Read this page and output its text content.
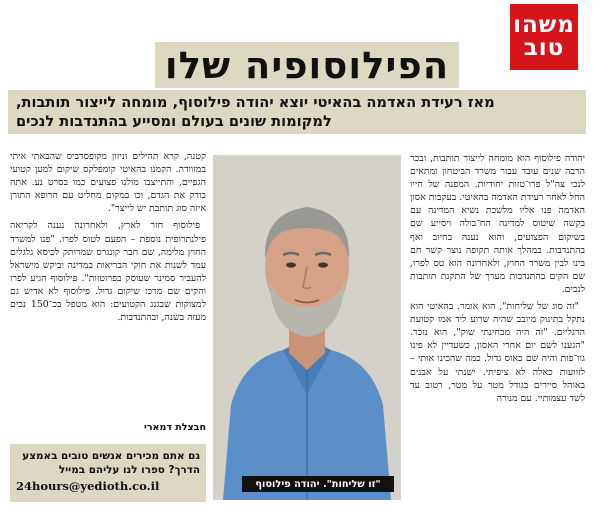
משהו
טוב
הפילוסופיה שלו
מאז רעידת האדמה בהאיטי יוצא יהודה פילוסוף, מומחה לייצור תותבות,
למקומות שונים בעולם ומסייע בהתנדבות לנכים

יהודה פילוסוף הוא מומחה לייצור תותבות, ובכר הרבה שנים עובד עבור משרד הביטחון ומתאים לנכי צה"ל פרו־טזות יחודיות. המפנה של חייו החל לאחר רעידת האדמה בהאיטי. בעקבות אסון האדמה פנו אליו מלשכת נשיא המדינה עם בקשה שיטוס למדינה הח־בולה ויסייע שם בשיקום הפצועים, והוא נענה בחיוב ואף בהתנדבות. במהלך אותה תקופה נוצר קשר חם בינו לבין משרד החוץ, ולאחרונה הוא טס לפרו, שם הקים בהתנדבות מערך של התקנת תותבות לנכים.

"זה סוג של שליחות", הוא אומר. בהאיטי הוא נתקל בתינוק מיובב שהיה שרוע ליד אמו קטועת הרגליים. "זה היה מבחינתי שוק", הוא נזכר. "הגענו לשם יום אחרי האסון, כשעדיין לא פינו גוו־פות והיה שם כאוס גדול. כמה שהכינו אותי – לזוועות כאלה לא ציפיתי. ישנתי על אבנים באוהל סיירים בגודל מטר על מטר, רטוב עד לשד עצמותיי. עם מנורה

"זו שליחות". יהודה פילוסוף

קטנה, קרא תהילים וניזון מקופסרביס שהבאתי איתי במזוודה. הקמנו בהאיטי קומפלקס שיקום למען קטועי הגפיים, והתייצבו מולנו פצועים כמו בסרט נע. אתה בודק את הגדם, וכו במקום מחליט עם הרופא התורן איזה סוג תותבת יש לייצר".

פילוסוף חזר לארץ, ולאחרונה נענה לקריאה פילנתרופית נוספת – הפעם לטוס לפרו. "פנו למשרד החוץ מלימה, שם חבר קונגרס שמרותק לכיסא גלגלים עמד לשנות את חוקי הבריאות במדינה וביקש מישראל להעביר סמינר שעוסק בפרוטזות". פילוסוף הגיע לפרו והקים שם מרכז שיקום גדול. פילוסוף לא אדיש גם למצוקות שבגנג הקטועים: הוא מטפל בכ־150 נכים מעזה בשנה, ובהתנדבות.

חבצלת דמארי
גם אתם מכירים אנשים טובים באמצע הדרך? ספרו לנו עליהם במייל
24hours@yedioth.co.il
